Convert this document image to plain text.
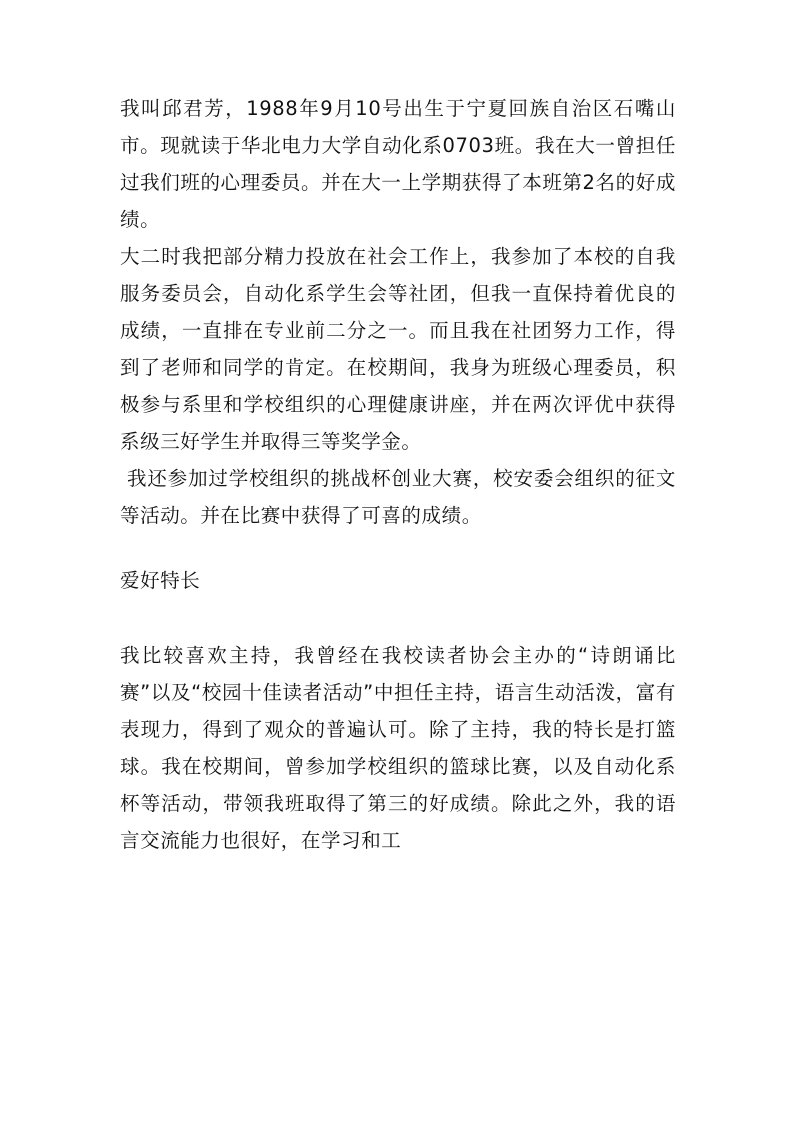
我叫邱君芳，1988年9月10号出生于宁夏回族自治区石嘴山市。现就读于华北电力大学自动化系0703班。我在大一曾担任过我们班的心理委员。并在大一上学期获得了本班第2名的好成绩。

大二时我把部分精力投放在社会工作上，我参加了本校的自我服务委员会，自动化系学生会等社团，但我一直保持着优良的成绩，一直排在专业前二分之一。而且我在社团努力工作，得到了老师和同学的肯定。在校期间，我身为班级心理委员，积极参与系里和学校组织的心理健康讲座，并在两次评优中获得系级三好学生并取得三等奖学金。

我还参加过学校组织的挑战杯创业大赛，校安委会组织的征文等活动。并在比赛中获得了可喜的成绩。

爱好特长

我比较喜欢主持，我曾经在我校读者协会主办的“诗朗诵比赛”以及“校园十佳读者活动”中担任主持，语言生动活泼，富有表现力，得到了观众的普遍认可。除了主持，我的特长是打篮球。我在校期间，曾参加学校组织的篮球比赛，以及自动化系杯等活动，带领我班取得了第三的好成绩。除此之外，我的语言交流能力也很好，在学习和工
